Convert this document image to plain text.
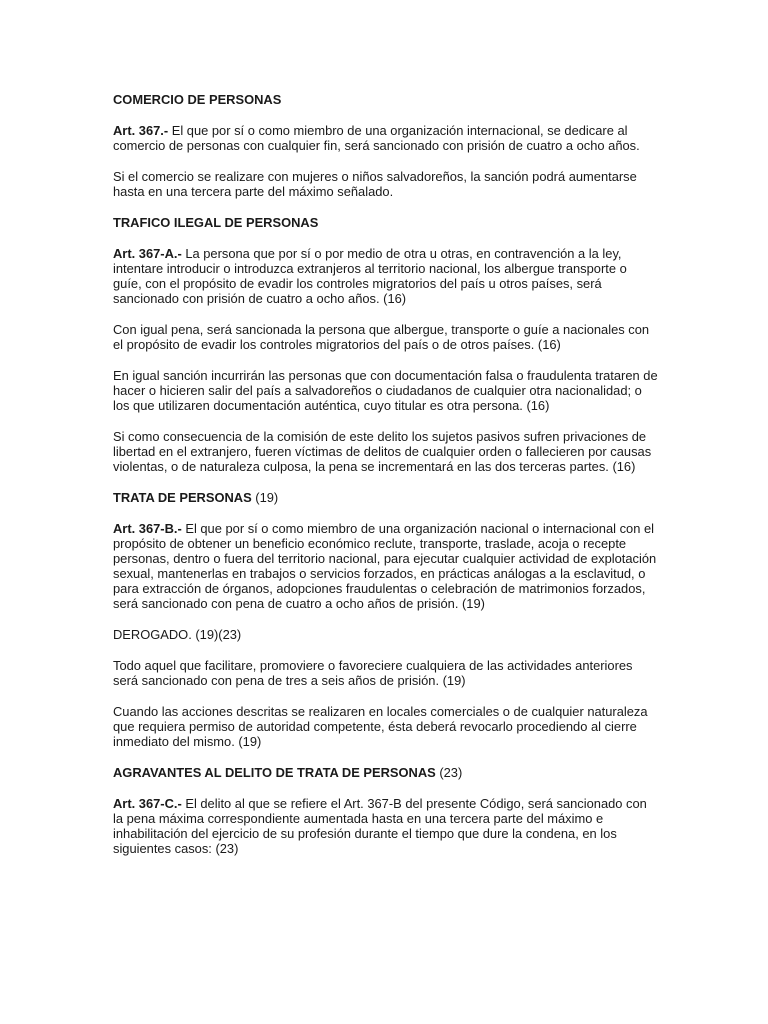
COMERCIO DE PERSONAS

Art. 367.- El que por sí o como miembro de una organización internacional, se dedicare al comercio de personas con cualquier fin, será sancionado con prisión de cuatro a ocho años.

Si el comercio se realizare con mujeres o niños salvadoreños, la sanción podrá aumentarse hasta en una tercera parte del máximo señalado.

TRAFICO ILEGAL DE PERSONAS

Art. 367-A.- La persona que por sí o por medio de otra u otras, en contravención a la ley, intentare introducir o introduzca extranjeros al territorio nacional, los albergue transporte o guíe, con el propósito de evadir los controles migratorios del país u otros países, será sancionado con prisión de cuatro a ocho años. (16)

Con igual pena, será sancionada la persona que albergue, transporte o guíe a nacionales con el propósito de evadir los controles migratorios del país o de otros países. (16)

En igual sanción incurrirán las personas que con documentación falsa o fraudulenta trataren de hacer o hicieren salir del país a salvadoreños o ciudadanos de cualquier otra nacionalidad; o los que utilizaren documentación auténtica, cuyo titular es otra persona. (16)

Si como consecuencia de la comisión de este delito los sujetos pasivos sufren privaciones de libertad en el extranjero, fueren víctimas de delitos de cualquier orden o fallecieren por causas violentas, o de naturaleza culposa, la pena se incrementará en las dos terceras partes. (16)

TRATA DE PERSONAS (19)

Art. 367-B.- El que por sí o como miembro de una organización nacional o internacional con el propósito de obtener un beneficio económico reclute, transporte, traslade, acoja o recepte personas, dentro o fuera del territorio nacional, para ejecutar cualquier actividad de explotación sexual, mantenerlas en trabajos o servicios forzados, en prácticas análogas a la esclavitud, o para extracción de órganos, adopciones fraudulentas o celebración de matrimonios forzados, será sancionado con pena de cuatro a ocho años de prisión. (19)

DEROGADO. (19)(23)

Todo aquel que facilitare, promoviere o favoreciere cualquiera de las actividades anteriores será sancionado con pena de tres a seis años de prisión. (19)

Cuando las acciones descritas se realizaren en locales comerciales o de cualquier naturaleza que requiera permiso de autoridad competente, ésta deberá revocarlo procediendo al cierre inmediato del mismo. (19)

AGRAVANTES AL DELITO DE TRATA DE PERSONAS (23)

Art. 367-C.- El delito al que se refiere el Art. 367-B del presente Código, será sancionado con la pena máxima correspondiente aumentada hasta en una tercera parte del máximo e inhabilitación del ejercicio de su profesión durante el tiempo que dure la condena, en los siguientes casos: (23)
